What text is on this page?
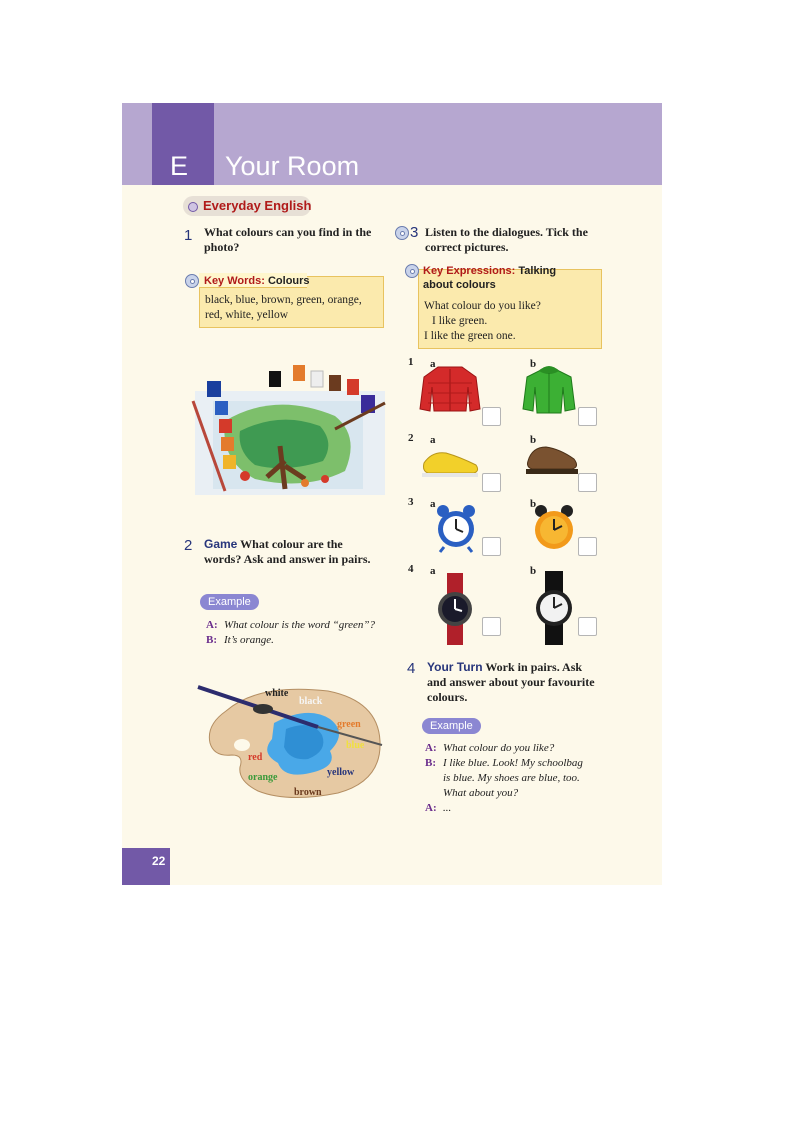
E Your Room
Everyday English
1 What colours can you find in the
photo?
Key Words: Colours
black, blue, brown, green, orange,
red, white, yellow
2 Game What colour are the
words? Ask and answer in pairs.
Example
A: What colour is the word “green”?
B: It’s orange.
white
black
green
blue
red
yellow
orange
brown
3 Listen to the dialogues. Tick the
correct pictures.
Key Expressions: Talking
about colours
What colour do you like?
I like green.
I like the green one.
1 a	b
2 a	b
3 a	b
4 a	b
4 Your Turn Work in pairs. Ask
and answer about your favourite
colours.
Example
A: What colour do you like?
B: I like blue. Look! My schoolbag
is blue. My shoes are blue, too.
What about you?
A: ...
22
